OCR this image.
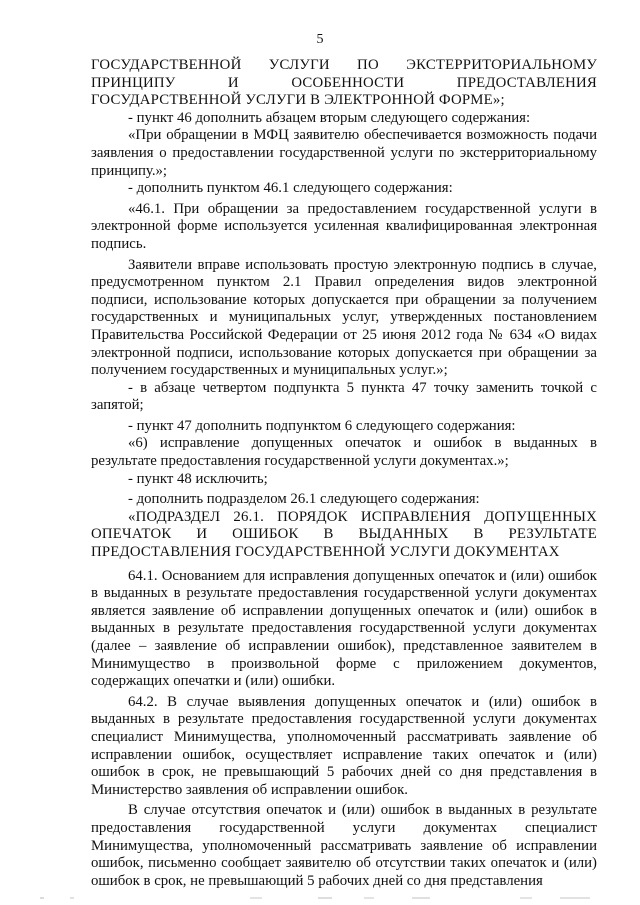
5

ГОСУДАРСТВЕННОЙ УСЛУГИ ПО ЭКСТЕРРИТОРИАЛЬНОМУ ПРИНЦИПУ И ОСОБЕННОСТИ ПРЕДОСТАВЛЕНИЯ ГОСУДАРСТВЕННОЙ УСЛУГИ В ЭЛЕКТРОННОЙ ФОРМЕ»;

- пункт 46 дополнить абзацем вторым следующего содержания:

«При обращении в МФЦ заявителю обеспечивается возможность подачи заявления о предоставлении государственной услуги по экстерриториальному принципу.»;

- дополнить пунктом 46.1 следующего содержания:

«46.1. При обращении за предоставлением государственной услуги в электронной форме используется усиленная квалифицированная электронная подпись.

Заявители вправе использовать простую электронную подпись в случае, предусмотренном пунктом 2.1 Правил определения видов электронной подписи, использование которых допускается при обращении за получением государственных и муниципальных услуг, утвержденных постановлением Правительства Российской Федерации от 25 июня 2012 года № 634 «О видах электронной подписи, использование которых допускается при обращении за получением государственных и муниципальных услуг.»;

- в абзаце четвертом подпункта 5 пункта 47 точку заменить точкой с запятой;

- пункт 47 дополнить подпунктом 6 следующего содержания:

«6) исправление допущенных опечаток и ошибок в выданных в результате предоставления государственной услуги документах.»;

- пункт 48 исключить;

- дополнить подразделом 26.1 следующего содержания:

«ПОДРАЗДЕЛ 26.1. ПОРЯДОК ИСПРАВЛЕНИЯ ДОПУЩЕННЫХ ОПЕЧАТОК И ОШИБОК В ВЫДАННЫХ В РЕЗУЛЬТАТЕ ПРЕДОСТАВЛЕНИЯ ГОСУДАРСТВЕННОЙ УСЛУГИ ДОКУМЕНТАХ

64.1. Основанием для исправления допущенных опечаток и (или) ошибок в выданных в результате предоставления государственной услуги документах является заявление об исправлении допущенных опечаток и (или) ошибок в выданных в результате предоставления государственной услуги документах (далее – заявление об исправлении ошибок), представленное заявителем в Минимущество в произвольной форме с приложением документов, содержащих опечатки и (или) ошибки.

64.2. В случае выявления допущенных опечаток и (или) ошибок в выданных в результате предоставления государственной услуги документах специалист Минимущества, уполномоченный рассматривать заявление об исправлении ошибок, осуществляет исправление таких опечаток и (или) ошибок в срок, не превышающий 5 рабочих дней со дня представления в Министерство заявления об исправлении ошибок.

В случае отсутствия опечаток и (или) ошибок в выданных в результате предоставления государственной услуги документах специалист Минимущества, уполномоченный рассматривать заявление об исправлении ошибок, письменно сообщает заявителю об отсутствии таких опечаток и (или) ошибок в срок, не превышающий 5 рабочих дней со дня представления
